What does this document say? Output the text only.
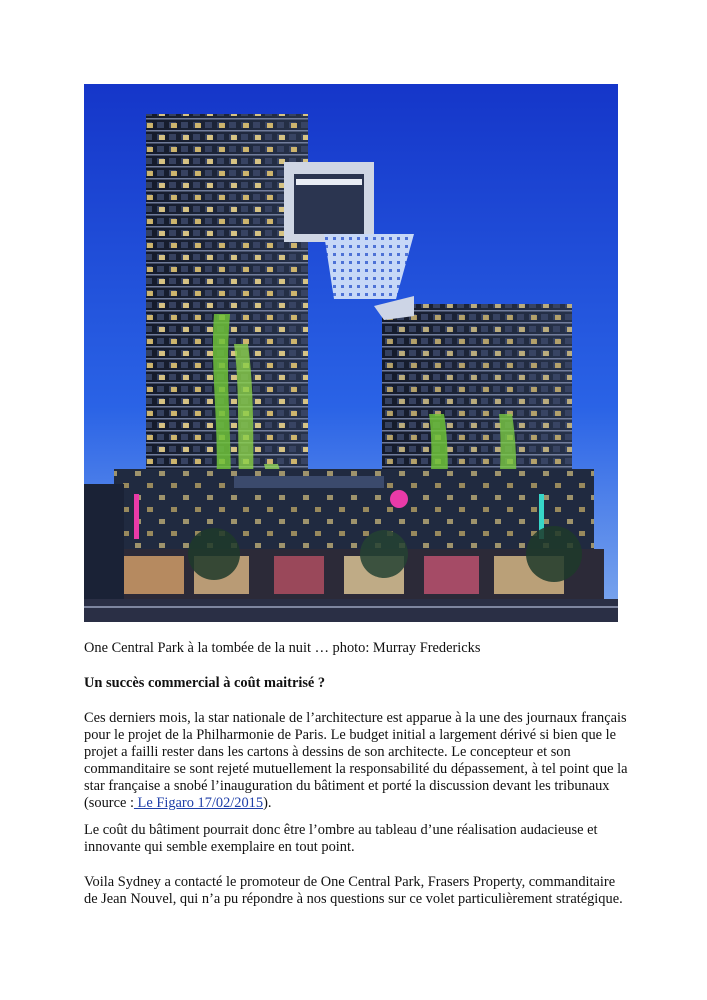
One Central Park à la tombée de la nuit … photo: Murray Fredericks

Un succès commercial à coût maitrisé ?

Ces derniers mois, la star nationale de l’architecture est apparue à la une des journaux français pour le projet de la Philharmonie de Paris. Le budget initial a largement dérivé si bien que le projet a failli rester dans les cartons à dessins de son architecte. Le concepteur et son commanditaire se sont rejeté mutuellement la responsabilité du dépassement, à tel point que la star française a snobé l’inauguration du bâtiment et porté la discussion devant les tribunaux (source : Le Figaro 17/02/2015).

Le coût du bâtiment pourrait donc être l’ombre au tableau d’une réalisation audacieuse et innovante qui semble exemplaire en tout point.

Voila Sydney a contacté le promoteur de One Central Park, Frasers Property, commanditaire de Jean Nouvel, qui n’a pu répondre à nos questions sur ce volet particulièrement stratégique.
